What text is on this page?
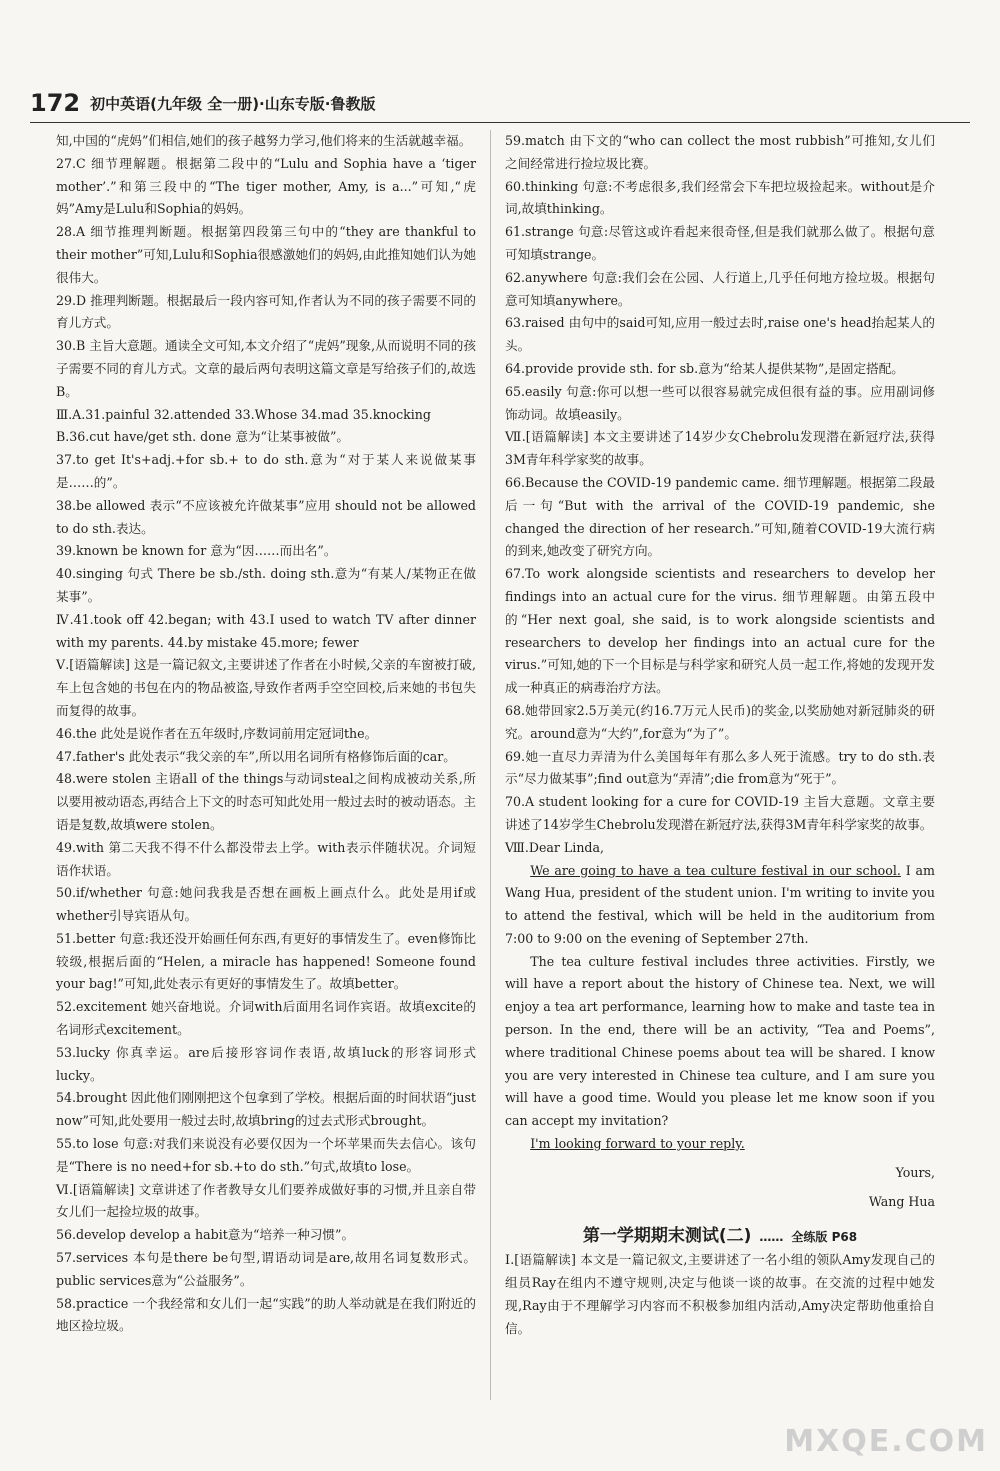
172 初中英语(九年级 全一册)·山东专版·鲁教版

知,中国的“虎妈”们相信,她们的孩子越努力学习,他们将来的生活就越幸福。

27.C 细节理解题。根据第二段中的“Lulu and Sophia have a ‘tiger mother’.”和第三段中的“The tiger mother, Amy, is a...”可知,“虎妈”Amy是Lulu和Sophia的妈妈。

28.A 细节推理判断题。根据第四段第三句中的“they are thankful to their mother”可知,Lulu和Sophia很感激她们的妈妈,由此推知她们认为她很伟大。

29.D 推理判断题。根据最后一段内容可知,作者认为不同的孩子需要不同的育儿方式。

30.B 主旨大意题。通读全文可知,本文介绍了“虎妈”现象,从而说明不同的孩子需要不同的育儿方式。文章的最后两句表明这篇文章是写给孩子们的,故选B。

Ⅲ.A.31.painful 32.attended 33.Whose 34.mad 35.knocking

B.36.cut have/get sth. done 意为“让某事被做”。

37.to get It's+adj.+for sb.+ to do sth.意为“对于某人来说做某事是……的”。

38.be allowed 表示“不应该被允许做某事”应用 should not be allowed to do sth.表达。

39.known be known for 意为“因……而出名”。

40.singing 句式 There be sb./sth. doing sth.意为“有某人/某物正在做某事”。

Ⅳ.41.took off 42.began; with 43.I used to watch TV after dinner with my parents. 44.by mistake 45.more; fewer

Ⅴ.[语篇解读] 这是一篇记叙文,主要讲述了作者在小时候,父亲的车窗被打破,车上包含她的书包在内的物品被盗,导致作者两手空空回校,后来她的书包失而复得的故事。

46.the 此处是说作者在五年级时,序数词前用定冠词the。

47.father's 此处表示“我父亲的车”,所以用名词所有格修饰后面的car。

48.were stolen 主语all of the things与动词steal之间构成被动关系,所以要用被动语态,再结合上下文的时态可知此处用一般过去时的被动语态。主语是复数,故填were stolen。

49.with 第二天我不得不什么都没带去上学。with表示伴随状况。介词短语作状语。

50.if/whether 句意:她问我我是否想在画板上画点什么。此处是用if或whether引导宾语从句。

51.better 句意:我还没开始画任何东西,有更好的事情发生了。even修饰比较级,根据后面的“Helen, a miracle has happened! Someone found your bag!”可知,此处表示有更好的事情发生了。故填better。

52.excitement 她兴奋地说。介词with后面用名词作宾语。故填excite的名词形式excitement。

53.lucky 你真幸运。are后接形容词作表语,故填luck的形容词形式lucky。

54.brought 因此他们刚刚把这个包拿到了学校。根据后面的时间状语“just now”可知,此处要用一般过去时,故填bring的过去式形式brought。

55.to lose 句意:对我们来说没有必要仅因为一个坏苹果而失去信心。该句是“There is no need+for sb.+to do sth.”句式,故填to lose。

Ⅵ.[语篇解读] 文章讲述了作者教导女儿们要养成做好事的习惯,并且亲自带女儿们一起捡垃圾的故事。

56.develop develop a habit意为“培养一种习惯”。

57.services 本句是there be句型,谓语动词是are,故用名词复数形式。public services意为“公益服务”。

58.practice 一个我经常和女儿们一起“实践”的助人举动就是在我们附近的地区捡垃圾。

59.match 由下文的“who can collect the most rubbish”可推知,女儿们之间经常进行捡垃圾比赛。

60.thinking 句意:不考虑很多,我们经常会下车把垃圾捡起来。without是介词,故填thinking。

61.strange 句意:尽管这或许看起来很奇怪,但是我们就那么做了。根据句意可知填strange。

62.anywhere 句意:我们会在公园、人行道上,几乎任何地方捡垃圾。根据句意可知填anywhere。

63.raised 由句中的said可知,应用一般过去时,raise one's head抬起某人的头。

64.provide provide sth. for sb.意为“给某人提供某物”,是固定搭配。

65.easily 句意:你可以想一些可以很容易就完成但很有益的事。应用副词修饰动词。故填easily。

Ⅶ.[语篇解读] 本文主要讲述了14岁少女Chebrolu发现潜在新冠疗法,获得3M青年科学家奖的故事。

66.Because the COVID-19 pandemic came. 细节理解题。根据第二段最后一句“But with the arrival of the COVID-19 pandemic, she changed the direction of her research.”可知,随着COVID-19大流行病的到来,她改变了研究方向。

67.To work alongside scientists and researchers to develop her findings into an actual cure for the virus. 细节理解题。由第五段中的“Her next goal, she said, is to work alongside scientists and researchers to develop her findings into an actual cure for the virus.”可知,她的下一个目标是与科学家和研究人员一起工作,将她的发现开发成一种真正的病毒治疗方法。

68.她带回家2.5万美元(约16.7万元人民币)的奖金,以奖励她对新冠肺炎的研究。around意为“大约”,for意为“为了”。

69.她一直尽力弄清为什么美国每年有那么多人死于流感。try to do sth.表示“尽力做某事”;find out意为“弄清”;die from意为“死于”。

70.A student looking for a cure for COVID-19 主旨大意题。文章主要讲述了14岁学生Chebrolu发现潜在新冠疗法,获得3M青年科学家奖的故事。

Ⅷ.Dear Linda,

We are going to have a tea culture festival in our school. I am Wang Hua, president of the student union. I'm writing to invite you to attend the festival, which will be held in the auditorium from 7:00 to 9:00 on the evening of September 27th.

The tea culture festival includes three activities. Firstly, we will have a report about the history of Chinese tea. Next, we will enjoy a tea art performance, learning how to make and taste tea in person. In the end, there will be an activity, “Tea and Poems”, where traditional Chinese poems about tea will be shared. I know you are very interested in Chinese tea culture, and I am sure you will have a good time. Would you please let me know soon if you can accept my invitation?

I'm looking forward to your reply.

Yours,

Wang Hua

第一学期期末测试(二) …… 全练版 P68

Ⅰ.[语篇解读] 本文是一篇记叙文,主要讲述了一名小组的领队Amy发现自己的组员Ray在组内不遵守规则,决定与他谈一谈的故事。在交流的过程中她发现,Ray由于不理解学习内容而不积极参加组内活动,Amy决定帮助他重拾自信。

MXQE.COM
